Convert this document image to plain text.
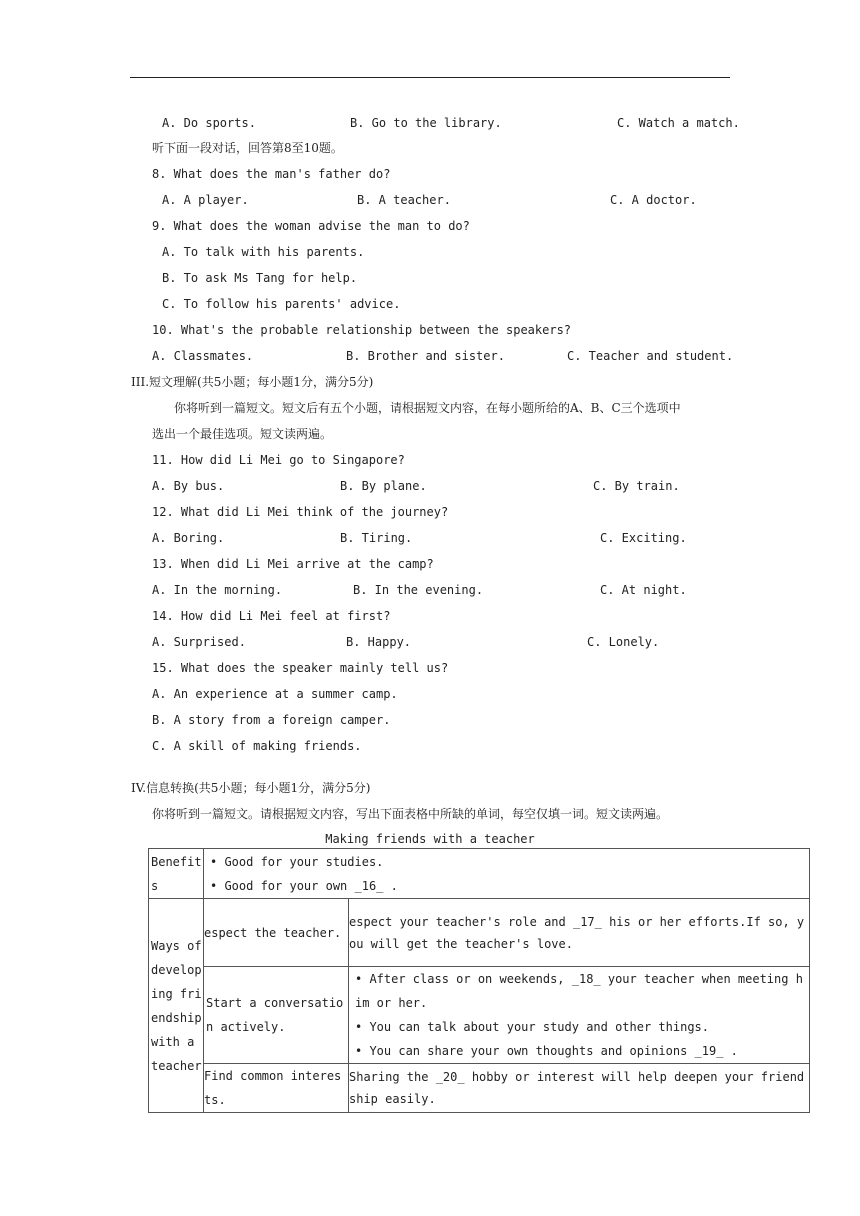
A. Do sports.	B. Go to the library.	C. Watch a match.
听下面一段对话，回答第8至10题。
8. What does the man's father do?
A. A player.	B. A teacher.	C. A doctor.
9. What does the woman advise the man to do?
A. To talk with his parents.
B. To ask Ms Tang for help.
C. To follow his parents' advice.
10. What's the probable relationship between the speakers?
A. Classmates.	B. Brother and sister.	C. Teacher and student.
III.短文理解(共5小题；每小题1分，满分5分)
你将听到一篇短文。短文后有五个小题，请根据短文内容，在每小题所给的A、B、C三个选项中
选出一个最佳选项。短文读两遍。
11. How did Li Mei go to Singapore?
A. By bus.	B. By plane.	C. By train.
12. What did Li Mei think of the journey?
A. Boring.	B. Tiring.	C. Exciting.
13. When did Li Mei arrive at the camp?
A. In the morning.	B. In the evening.	C. At night.
14. How did Li Mei feel at first?
A. Surprised.	B. Happy.	C. Lonely.
15. What does the speaker mainly tell us?
A. An experience at a summer camp.
B. A story from a foreign camper.
C. A skill of making friends.
IV.信息转换(共5小题；每小题1分，满分5分)
你将听到一篇短文。请根据短文内容，写出下面表格中所缺的单词，每空仅填一词。短文读两遍。
Making friends with a teacher
Benefits	• Good for your studies.
• Good for your own _16_ .	

Ways of developing friendship with a teacher	espect the teacher.	espect your teacher's role and _17_ his or her efforts.If so, you will get the teacher's love.
	Start a conversation actively.	• After class or on weekends, _18_ your teacher when meeting him or her.
• You can talk about your study and other things.
• You can share your own thoughts and opinions _19_ .

	Find common interests.	Sharing the _20_ hobby or interest will help deepen your friendship easily.
